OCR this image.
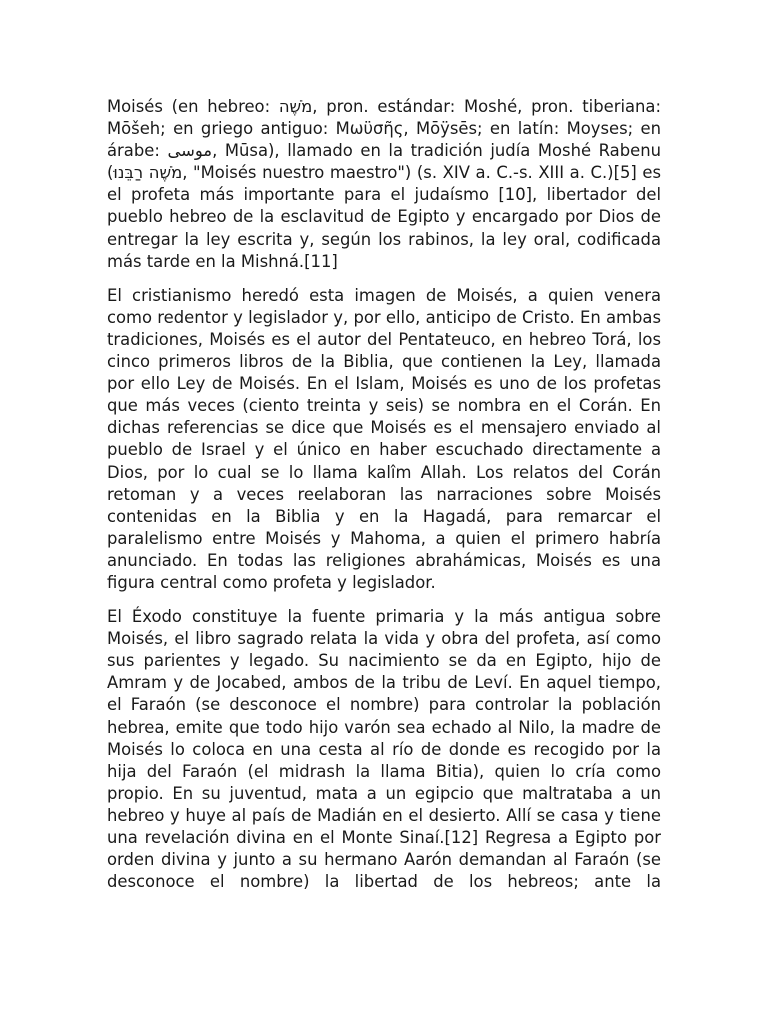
Moisés (en hebreo: מֹשֶׁה, pron. estándar: Moshé, pron. tiberiana: Mōšeh; en griego antiguo: Μωϋσῆς, Mōÿsēs; en latín: Moyses; en árabe: موسى‎, Mūsa), llamado en la tradición judía Moshé Rabenu (מֹשֶׁה רַבֵּנוּ‎, "Moisés nuestro maestro") (s. XIV a. C.-s. XIII a. C.)[5] es el profeta más importante para el judaísmo [10], libertador del pueblo hebreo de la esclavitud de Egipto y encargado por Dios de entregar la ley escrita y, según los rabinos, la ley oral, codificada más tarde en la Mishná.[11]

El cristianismo heredó esta imagen de Moisés, a quien venera como redentor y legislador y, por ello, anticipo de Cristo. En ambas tradiciones, Moisés es el autor del Pentateuco, en hebreo Torá, los cinco primeros libros de la Biblia, que contienen la Ley, llamada por ello Ley de Moisés. En el Islam, Moisés es uno de los profetas que más veces (ciento treinta y seis) se nombra en el Corán. En dichas referencias se dice que Moisés es el mensajero enviado al pueblo de Israel y el único en haber escuchado directamente a Dios, por lo cual se lo llama kalîm Allah. Los relatos del Corán retoman y a veces reelaboran las narraciones sobre Moisés contenidas en la Biblia y en la Hagadá, para remarcar el paralelismo entre Moisés y Mahoma, a quien el primero habría anunciado. En todas las religiones abrahámicas, Moisés es una figura central como profeta y legislador.

El Éxodo constituye la fuente primaria y la más antigua sobre Moisés, el libro sagrado relata la vida y obra del profeta, así como sus parientes y legado. Su nacimiento se da en Egipto, hijo de Amram y de Jocabed, ambos de la tribu de Leví. En aquel tiempo, el Faraón (se desconoce el nombre) para controlar la población hebrea, emite que todo hijo varón sea echado al Nilo, la madre de Moisés lo coloca en una cesta al río de donde es recogido por la hija del Faraón (el midrash la llama Bitia), quien lo cría como propio. En su juventud, mata a un egipcio que maltrataba a un hebreo y huye al país de Madián en el desierto. Allí se casa y tiene una revelación divina en el Monte Sinaí.[12] Regresa a Egipto por orden divina y junto a su hermano Aarón demandan al Faraón (se desconoce el nombre) la libertad de los hebreos; ante la
